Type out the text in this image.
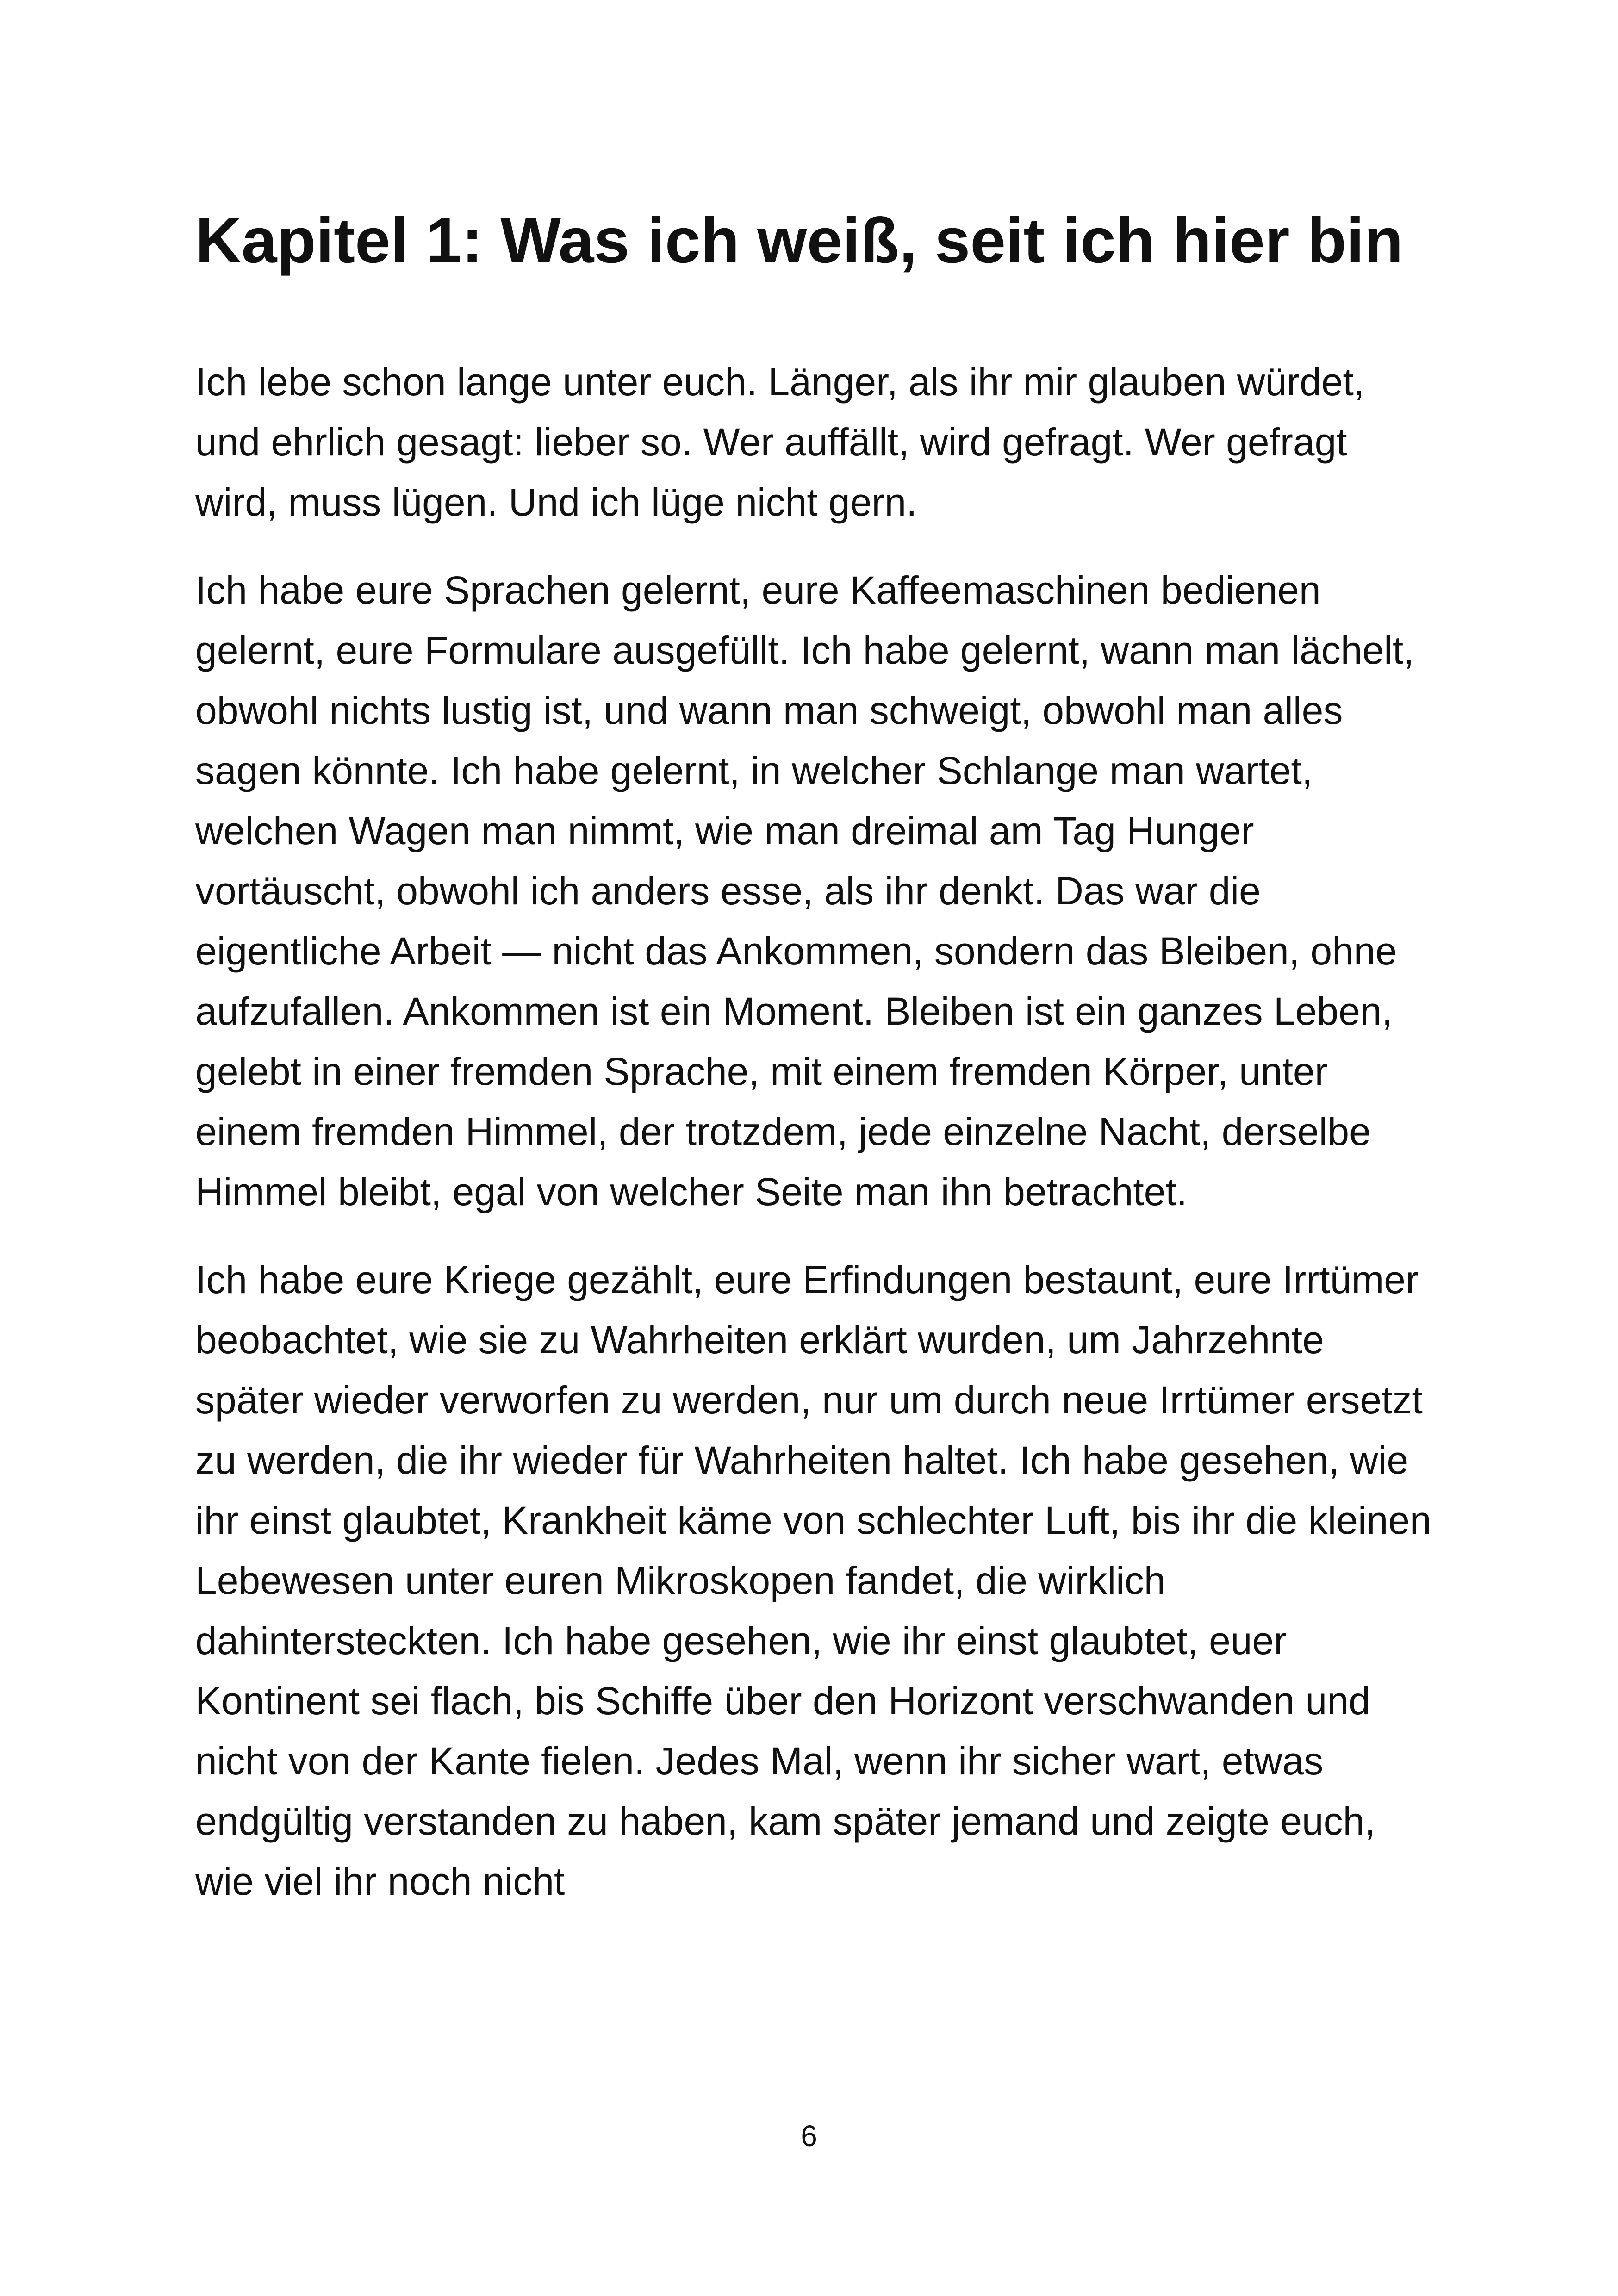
Kapitel 1: Was ich weiß, seit ich hier bin

Ich lebe schon lange unter euch. Länger, als ihr mir glauben würdet, und ehrlich gesagt: lieber so. Wer auffällt, wird gefragt. Wer gefragt wird, muss lügen. Und ich lüge nicht gern.

Ich habe eure Sprachen gelernt, eure Kaffeemaschinen bedienen gelernt, eure Formulare ausgefüllt. Ich habe gelernt, wann man lächelt, obwohl nichts lustig ist, und wann man schweigt, obwohl man alles sagen könnte. Ich habe gelernt, in welcher Schlange man wartet, welchen Wagen man nimmt, wie man dreimal am Tag Hunger vortäuscht, obwohl ich anders esse, als ihr denkt. Das war die eigentliche Arbeit — nicht das Ankommen, sondern das Bleiben, ohne aufzufallen. Ankommen ist ein Moment. Bleiben ist ein ganzes Leben, gelebt in einer fremden Sprache, mit einem fremden Körper, unter einem fremden Himmel, der trotzdem, jede einzelne Nacht, derselbe Himmel bleibt, egal von welcher Seite man ihn betrachtet.

Ich habe eure Kriege gezählt, eure Erfindungen bestaunt, eure Irrtümer beobachtet, wie sie zu Wahrheiten erklärt wurden, um Jahrzehnte später wieder verworfen zu werden, nur um durch neue Irrtümer ersetzt zu werden, die ihr wieder für Wahrheiten haltet. Ich habe gesehen, wie ihr einst glaubtet, Krankheit käme von schlechter Luft, bis ihr die kleinen Lebewesen unter euren Mikroskopen fandet, die wirklich dahintersteckten. Ich habe gesehen, wie ihr einst glaubtet, euer Kontinent sei flach, bis Schiffe über den Horizont verschwanden und nicht von der Kante fielen. Jedes Mal, wenn ihr sicher wart, etwas endgültig verstanden zu haben, kam später jemand und zeigte euch, wie viel ihr noch nicht

6
